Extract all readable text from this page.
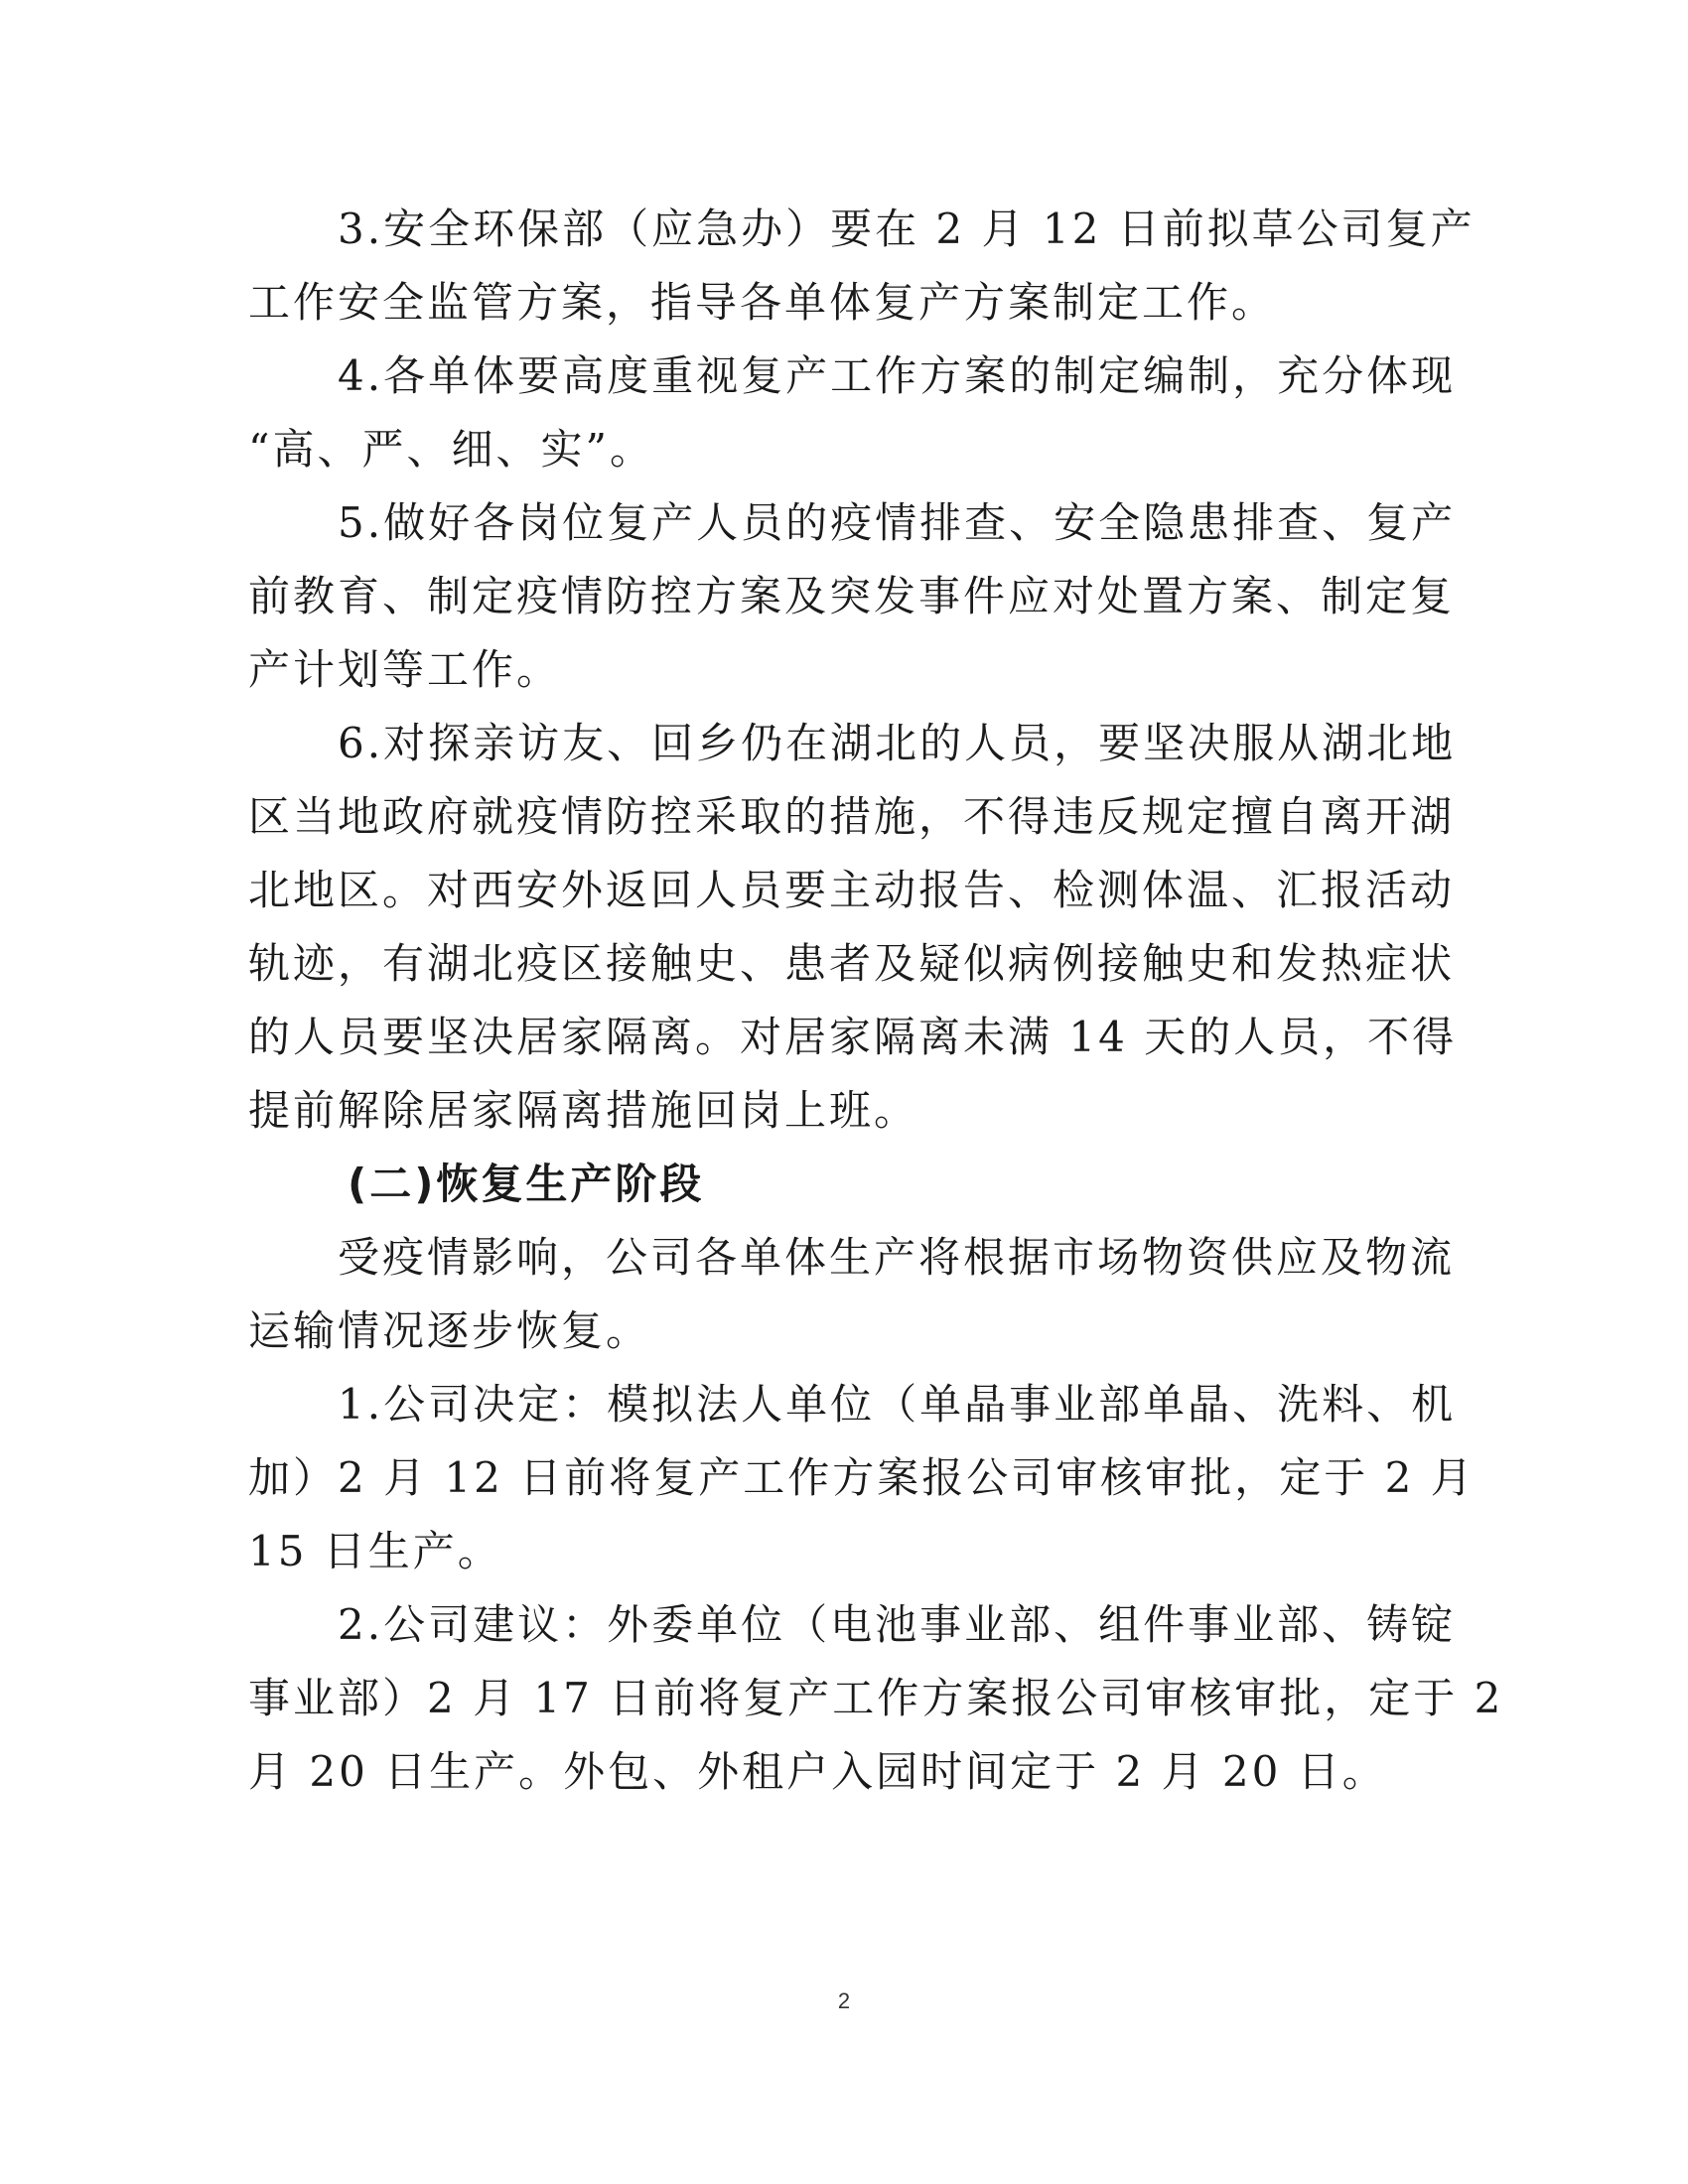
3.安全环保部（应急办）要在 2 月 12 日前拟草公司复产
工作安全监管方案，指导各单体复产方案制定工作。
4.各单体要高度重视复产工作方案的制定编制，充分体现
“高、严、细、实”。
5.做好各岗位复产人员的疫情排查、安全隐患排查、复产
前教育、制定疫情防控方案及突发事件应对处置方案、制定复
产计划等工作。
6.对探亲访友、回乡仍在湖北的人员，要坚决服从湖北地
区当地政府就疫情防控采取的措施，不得违反规定擅自离开湖
北地区。对西安外返回人员要主动报告、检测体温、汇报活动
轨迹，有湖北疫区接触史、患者及疑似病例接触史和发热症状
的人员要坚决居家隔离。对居家隔离未满 14 天的人员，不得
提前解除居家隔离措施回岗上班。
(二)恢复生产阶段
受疫情影响，公司各单体生产将根据市场物资供应及物流
运输情况逐步恢复。
1.公司决定：模拟法人单位（单晶事业部单晶、洗料、机
加）2 月 12 日前将复产工作方案报公司审核审批，定于 2 月
15 日生产。
2.公司建议：外委单位（电池事业部、组件事业部、铸锭
事业部）2 月 17 日前将复产工作方案报公司审核审批，定于 2
月 20 日生产。外包、外租户入园时间定于 2 月 20 日。
2
